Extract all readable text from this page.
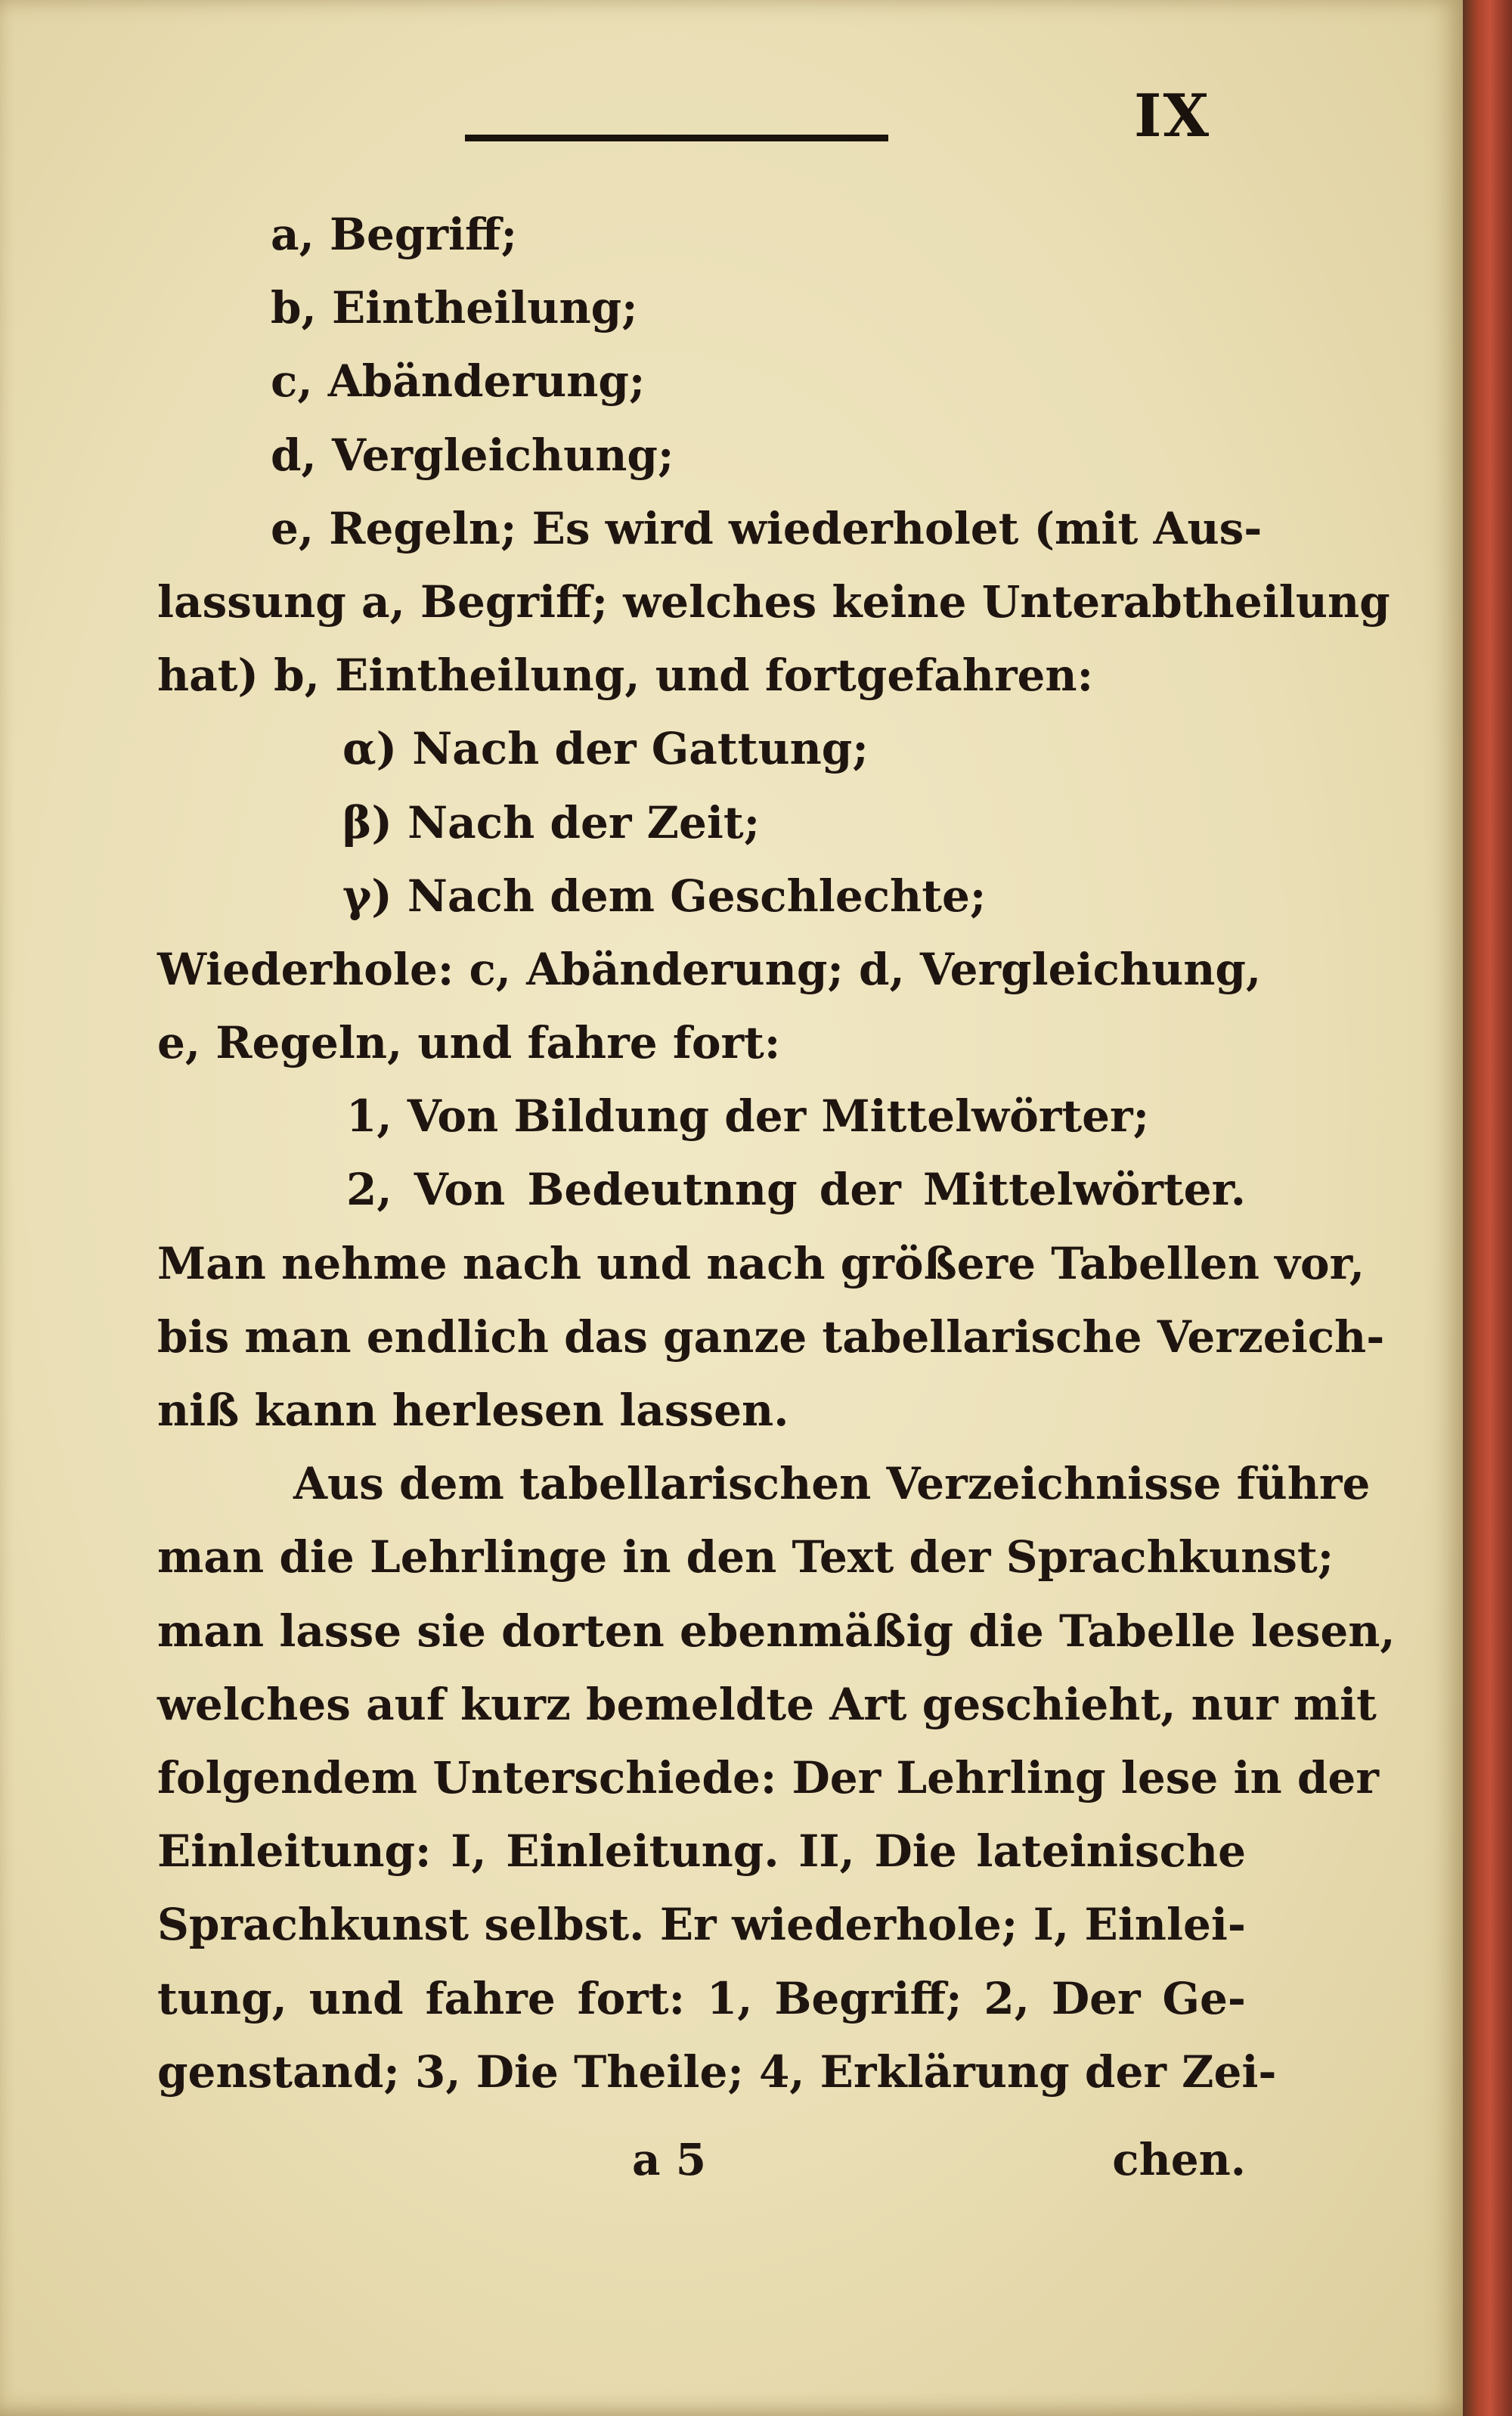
IX
a, Begriff;
b, Eintheilung;
c, Abänderung;
d, Vergleichung;
e, Regeln; Es wird wiederholet (mit Aus-
lassung a, Begriff; welches keine Unterabtheilung
hat) b, Eintheilung, und fortgefahren:
α) Nach der Gattung;
β) Nach der Zeit;
γ) Nach dem Geschlechte;
Wiederhole: c, Abänderung; d, Vergleichung,
e, Regeln, und fahre fort:
1, Von Bildung der Mittelwörter;
2, Von Bedeutnng der Mittelwörter.
Man nehme nach und nach größere Tabellen vor,
bis man endlich das ganze tabellarische Verzeich-
niß kann herlesen lassen.
Aus dem tabellarischen Verzeichnisse führe
man die Lehrlinge in den Text der Sprachkunst;
man lasse sie dorten ebenmäßig die Tabelle lesen,
welches auf kurz bemeldte Art geschieht, nur mit
folgendem Unterschiede: Der Lehrling lese in der
Einleitung: I, Einleitung. II, Die lateinische
Sprachkunst selbst. Er wiederhole; I, Einlei-
tung, und fahre fort: 1, Begriff; 2, Der Ge-
genstand; 3, Die Theile; 4, Erklärung der Zei-
a 5	chen.
